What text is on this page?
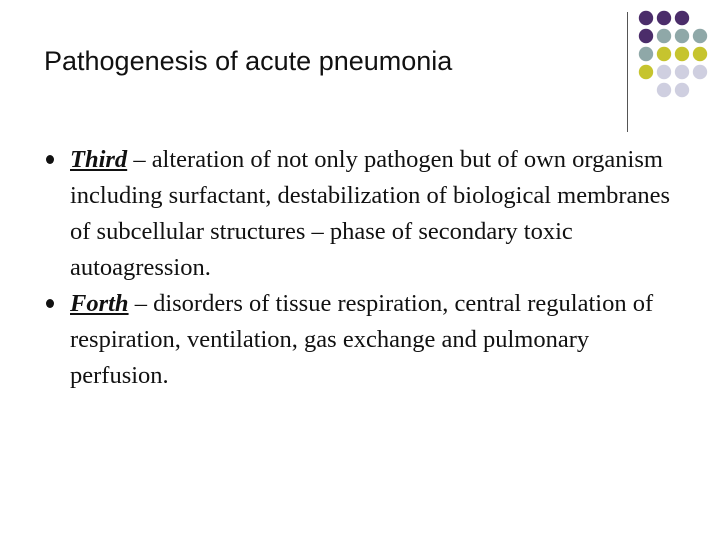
Pathogenesis of acute pneumonia
Third – alteration of not only pathogen but of own organism including surfactant, destabilization of biological membranes of subcellular structures – phase of secondary toxic autoagression.
Forth – disorders of tissue respiration, central regulation of respiration, ventilation, gas exchange and pulmonary perfusion.
